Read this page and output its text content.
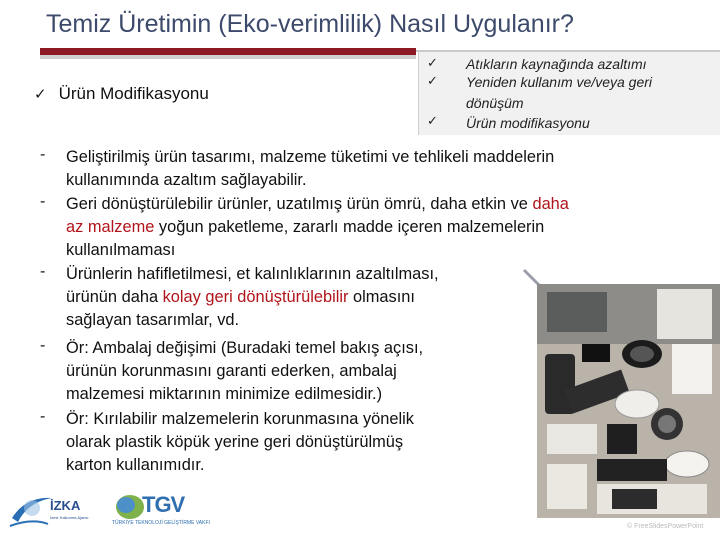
Temiz Üretimin (Eko-verimlilik) Nasıl Uygulanır?
✓ Ürün Modifikasyonu
✓ Atıkların kaynağında azaltımı
✓ Yeniden kullanım ve/veya geri
dönüşüm
✓ Ürün modifikasyonu
- Geliştirilmiş ürün tasarımı, malzeme tüketimi ve tehlikeli maddelerin
kullanımında azaltım sağlayabilir.
- Geri dönüştürülebilir ürünler, uzatılmış ürün ömrü, daha etkin ve daha
az malzeme yoğun paketleme, zararlı madde içeren malzemelerin
kullanılmaması
- Ürünlerin hafifletilmesi, et kalınlıklarının azaltılması,
ürünün daha kolay geri dönüştürülebilir olmasını
sağlayan tasarımlar, vd.
- Ör: Ambalaj değişimi (Buradaki temel bakış açısı,
ürünün korunmasını garanti ederken, ambalaj
malzemesi miktarının minimize edilmesidir.)
- Ör: Kırılabilir malzemelerin korunmasına yönelik
olarak plastik köpük yerine geri dönüştürülmüş
karton kullanımıdır.
İZKA
İzmir Kalkınma Ajansı
TGV
TÜRKİYE TEKNOLOJİ GELİŞTİRME VAKFI	© FreeSlidesPowerPoint
